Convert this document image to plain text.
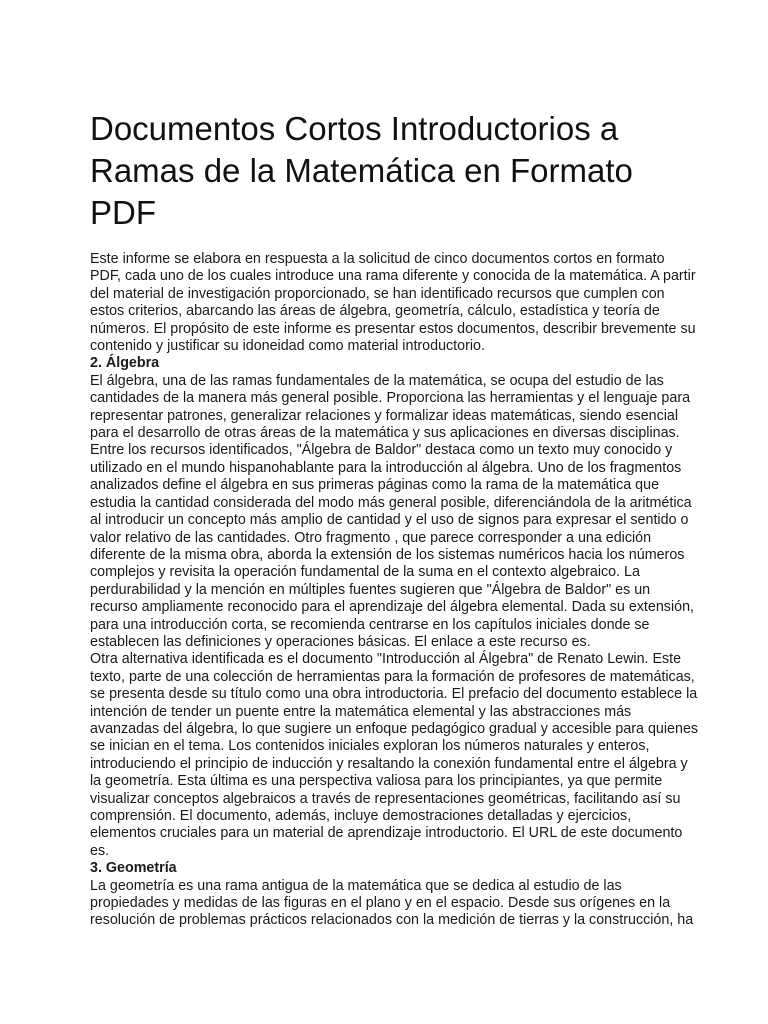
Documentos Cortos Introductorios a
Ramas de la Matemática en Formato
PDF
Este informe se elabora en respuesta a la solicitud de cinco documentos cortos en formato
PDF, cada uno de los cuales introduce una rama diferente y conocida de la matemática. A partir
del material de investigación proporcionado, se han identificado recursos que cumplen con
estos criterios, abarcando las áreas de álgebra, geometría, cálculo, estadística y teoría de
números. El propósito de este informe es presentar estos documentos, describir brevemente su
contenido y justificar su idoneidad como material introductorio.
2. Álgebra
El álgebra, una de las ramas fundamentales de la matemática, se ocupa del estudio de las
cantidades de la manera más general posible. Proporciona las herramientas y el lenguaje para
representar patrones, generalizar relaciones y formalizar ideas matemáticas, siendo esencial
para el desarrollo de otras áreas de la matemática y sus aplicaciones en diversas disciplinas.
Entre los recursos identificados, "Álgebra de Baldor" destaca como un texto muy conocido y
utilizado en el mundo hispanohablante para la introducción al álgebra. Uno de los fragmentos
analizados define el álgebra en sus primeras páginas como la rama de la matemática que
estudia la cantidad considerada del modo más general posible, diferenciándola de la aritmética
al introducir un concepto más amplio de cantidad y el uso de signos para expresar el sentido o
valor relativo de las cantidades. Otro fragmento , que parece corresponder a una edición
diferente de la misma obra, aborda la extensión de los sistemas numéricos hacia los números
complejos y revisita la operación fundamental de la suma en el contexto algebraico. La
perdurabilidad y la mención en múltiples fuentes sugieren que "Álgebra de Baldor" es un
recurso ampliamente reconocido para el aprendizaje del álgebra elemental. Dada su extensión,
para una introducción corta, se recomienda centrarse en los capítulos iniciales donde se
establecen las definiciones y operaciones básicas. El enlace a este recurso es.
Otra alternativa identificada es el documento "Introducción al Álgebra" de Renato Lewin. Este
texto, parte de una colección de herramientas para la formación de profesores de matemáticas,
se presenta desde su título como una obra introductoria. El prefacio del documento establece la
intención de tender un puente entre la matemática elemental y las abstracciones más
avanzadas del álgebra, lo que sugiere un enfoque pedagógico gradual y accesible para quienes
se inician en el tema. Los contenidos iniciales exploran los números naturales y enteros,
introduciendo el principio de inducción y resaltando la conexión fundamental entre el álgebra y
la geometría. Esta última es una perspectiva valiosa para los principiantes, ya que permite
visualizar conceptos algebraicos a través de representaciones geométricas, facilitando así su
comprensión. El documento, además, incluye demostraciones detalladas y ejercicios,
elementos cruciales para un material de aprendizaje introductorio. El URL de este documento
es.
3. Geometría
La geometría es una rama antigua de la matemática que se dedica al estudio de las
propiedades y medidas de las figuras en el plano y en el espacio. Desde sus orígenes en la
resolución de problemas prácticos relacionados con la medición de tierras y la construcción, ha
